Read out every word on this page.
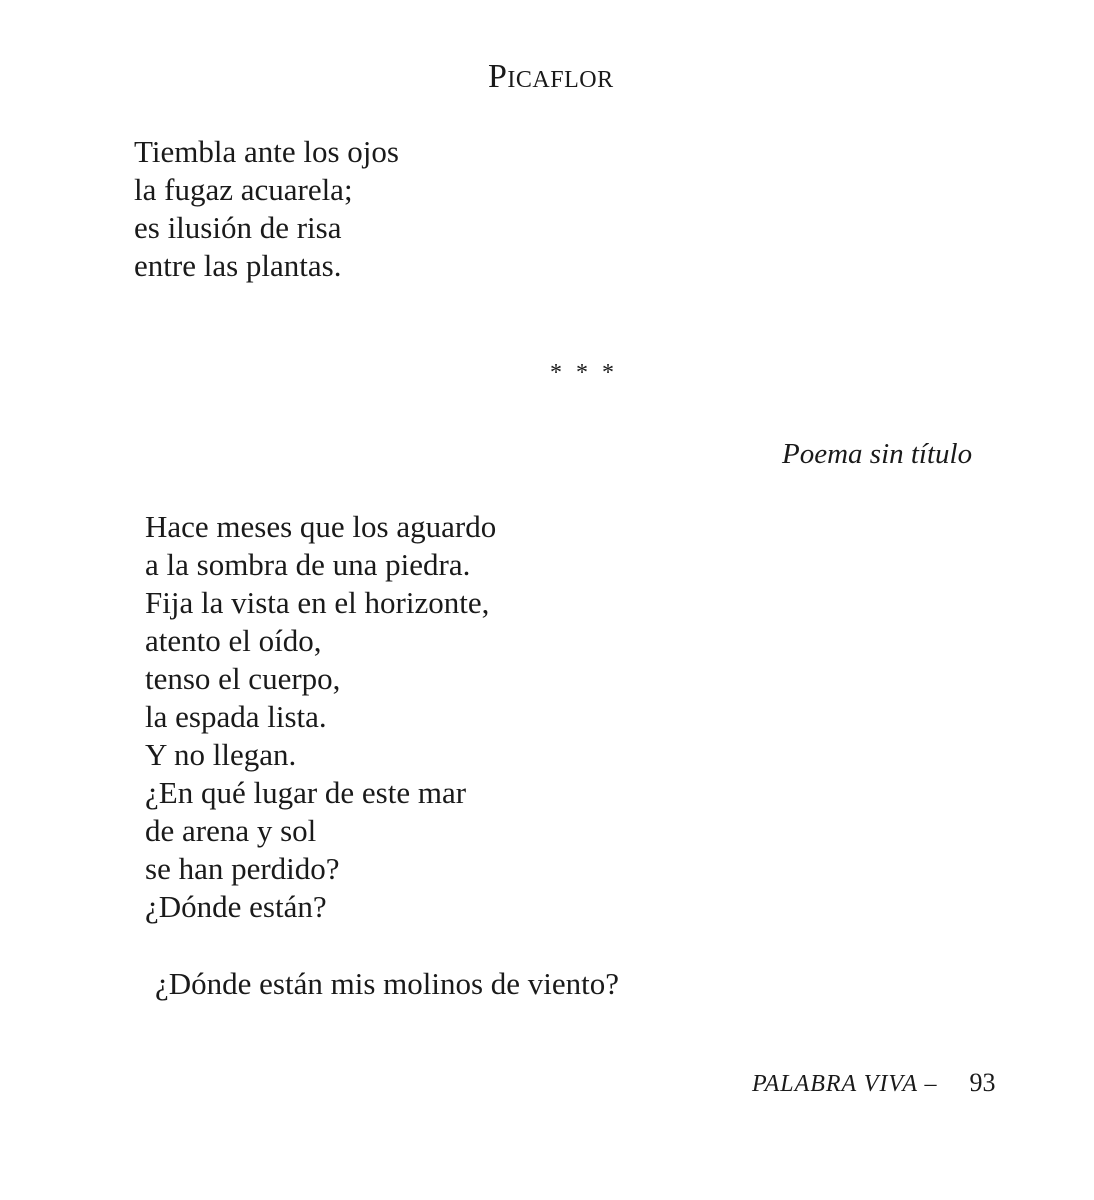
Picaflor
Tiembla ante los ojos
la fugaz acuarela;
es ilusión de risa
entre las plantas.
* * *
Poema sin título
Hace meses que los aguardo
a la sombra de una piedra.
Fija la vista en el horizonte,
atento el oído,
tenso el cuerpo,
la espada lista.
Y no llegan.
¿En qué lugar de este mar
de arena y sol
se han perdido?
¿Dónde están?
¿Dónde están mis molinos de viento?
PALABRA VIVA – 93
